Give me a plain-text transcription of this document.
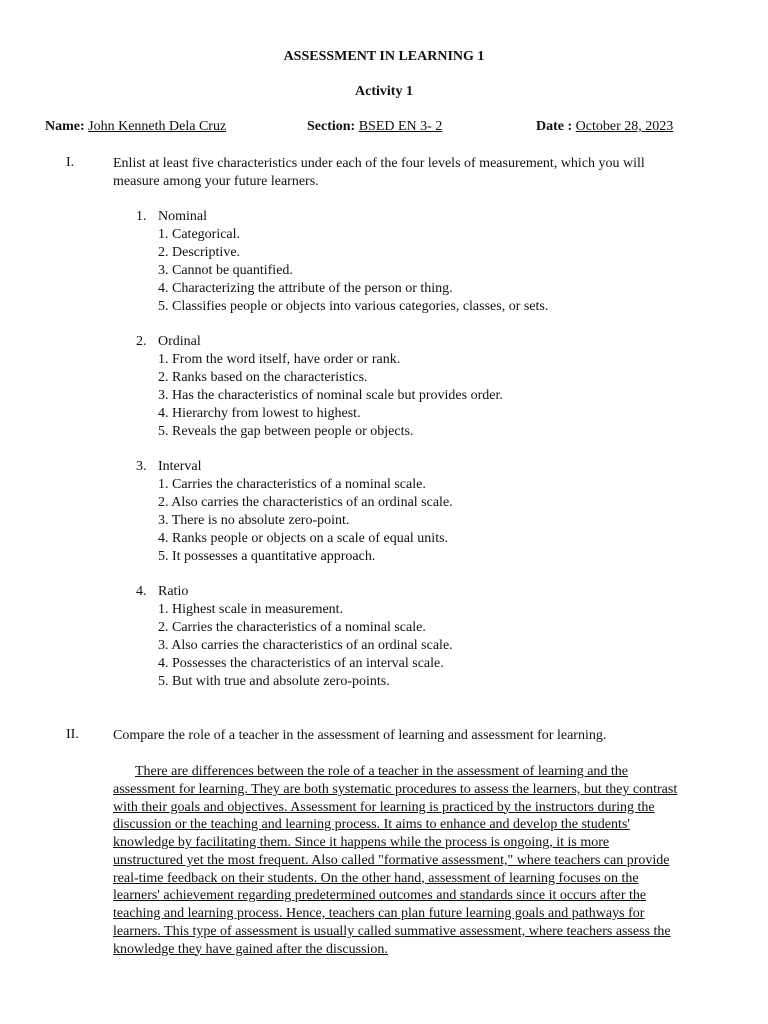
ASSESSMENT IN LEARNING 1
Activity 1
Name: John Kenneth Dela Cruz	Section: BSED EN 3- 2	Date : October 28, 2023
I.	Enlist at least five characteristics under each of the four levels of measurement, which you will
measure among your future learners.
1. Nominal
1. Categorical.
2. Descriptive.
3. Cannot be quantified.
4. Characterizing the attribute of the person or thing.
5. Classifies people or objects into various categories, classes, or sets.
2. Ordinal
1. From the word itself, have order or rank.
2. Ranks based on the characteristics.
3. Has the characteristics of nominal scale but provides order.
4. Hierarchy from lowest to highest.
5. Reveals the gap between people or objects.
3. Interval
1. Carries the characteristics of a nominal scale.
2. Also carries the characteristics of an ordinal scale.
3. There is no absolute zero-point.
4. Ranks people or objects on a scale of equal units.
5. It possesses a quantitative approach.
4. Ratio
1. Highest scale in measurement.
2. Carries the characteristics of a nominal scale.
3. Also carries the characteristics of an ordinal scale.
4. Possesses the characteristics of an interval scale.
5. But with true and absolute zero-points.
II. Compare the role of a teacher in the assessment of learning and assessment for learning.
There are differences between the role of a teacher in the assessment of learning and the
assessment for learning. They are both systematic procedures to assess the learners, but they contrast
with their goals and objectives. Assessment for learning is practiced by the instructors during the
discussion or the teaching and learning process. It aims to enhance and develop the students'
knowledge by facilitating them. Since it happens while the process is ongoing, it is more
unstructured yet the most frequent. Also called "formative assessment," where teachers can provide
real-time feedback on their students. On the other hand, assessment of learning focuses on the
learners' achievement regarding predetermined outcomes and standards since it occurs after the
teaching and learning process. Hence, teachers can plan future learning goals and pathways for
learners. This type of assessment is usually called summative assessment, where teachers assess the
knowledge they have gained after the discussion.
